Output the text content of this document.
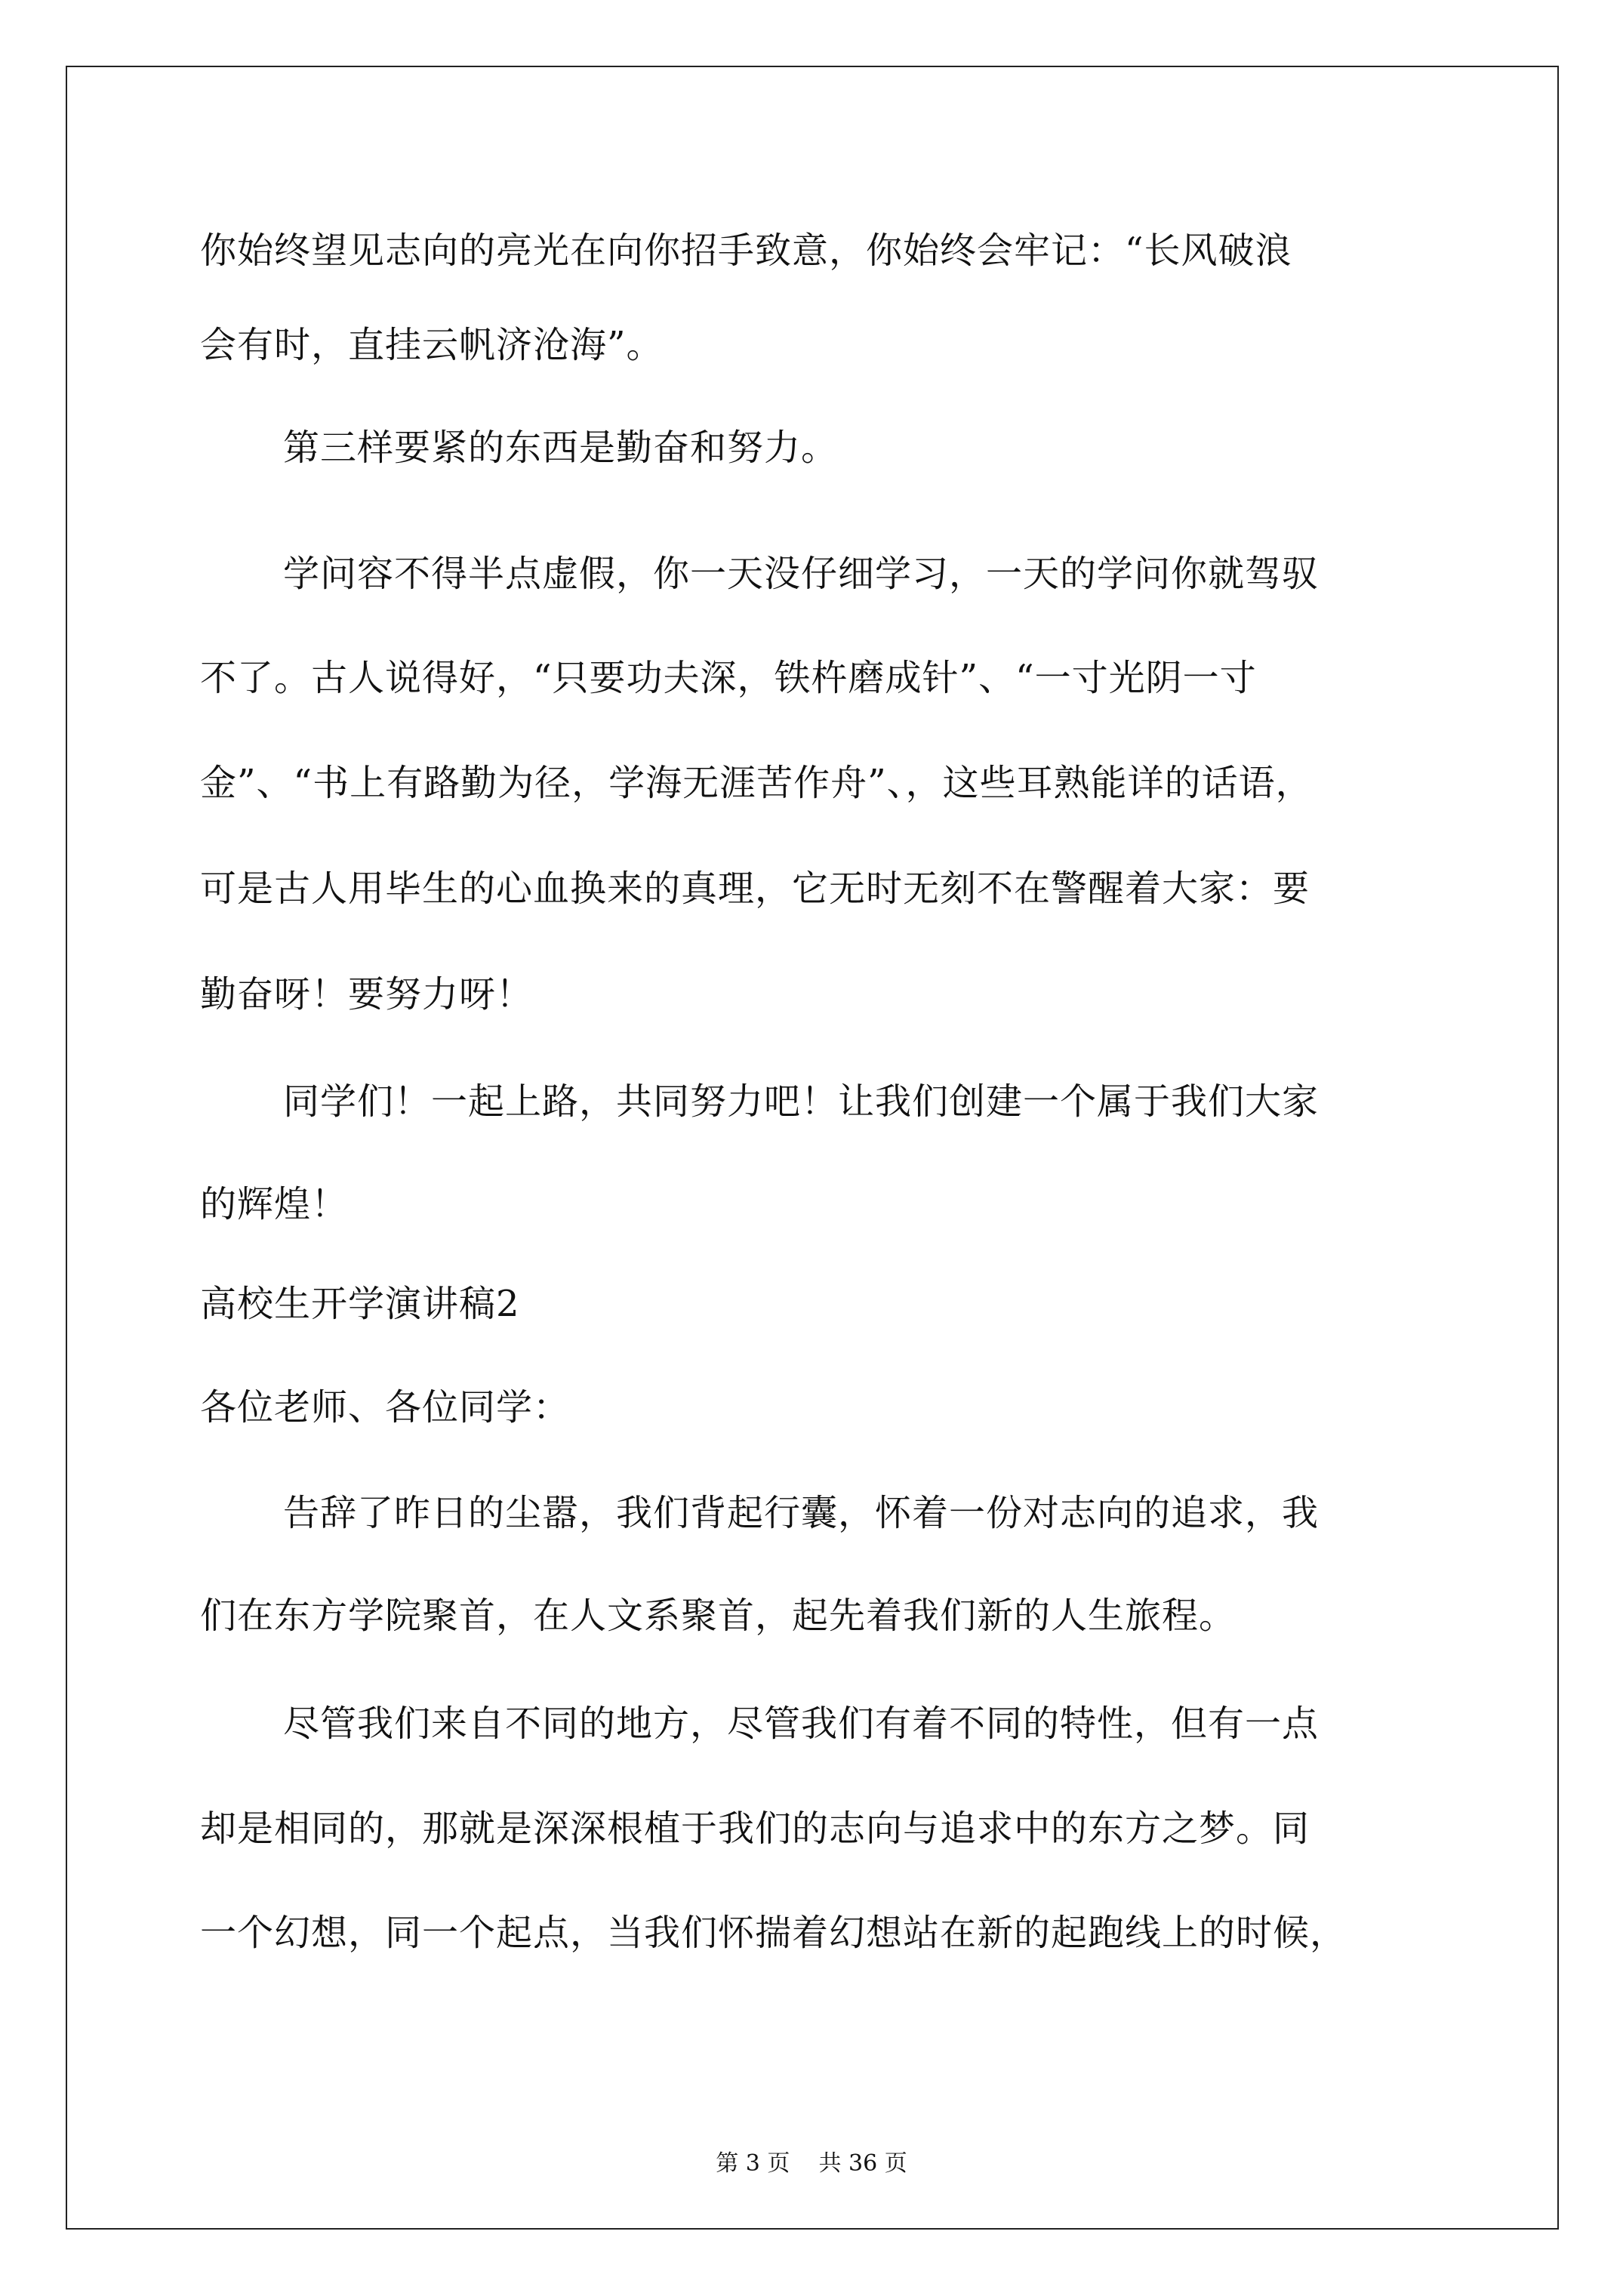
你始终望见志向的亮光在向你招手致意，你始终会牢记：“长风破浪
会有时，直挂云帆济沧海”。
第三样要紧的东西是勤奋和努力。
学问容不得半点虚假，你一天没仔细学习，一天的学问你就驾驭
不了。古人说得好，“只要功夫深，铁杵磨成针”、“一寸光阴一寸
金”、“书上有路勤为径，学海无涯苦作舟”、，这些耳熟能详的话语，
可是古人用毕生的心血换来的真理，它无时无刻不在警醒着大家：要
勤奋呀！要努力呀！
同学们！一起上路，共同努力吧！让我们创建一个属于我们大家
的辉煌！
高校生开学演讲稿2
各位老师、各位同学：
告辞了昨日的尘嚣，我们背起行囊，怀着一份对志向的追求，我
们在东方学院聚首，在人文系聚首，起先着我们新的人生旅程。
尽管我们来自不同的地方，尽管我们有着不同的特性，但有一点
却是相同的，那就是深深根植于我们的志向与追求中的东方之梦。同
一个幻想，同一个起点，当我们怀揣着幻想站在新的起跑线上的时候，
第 3 页    共 36 页
